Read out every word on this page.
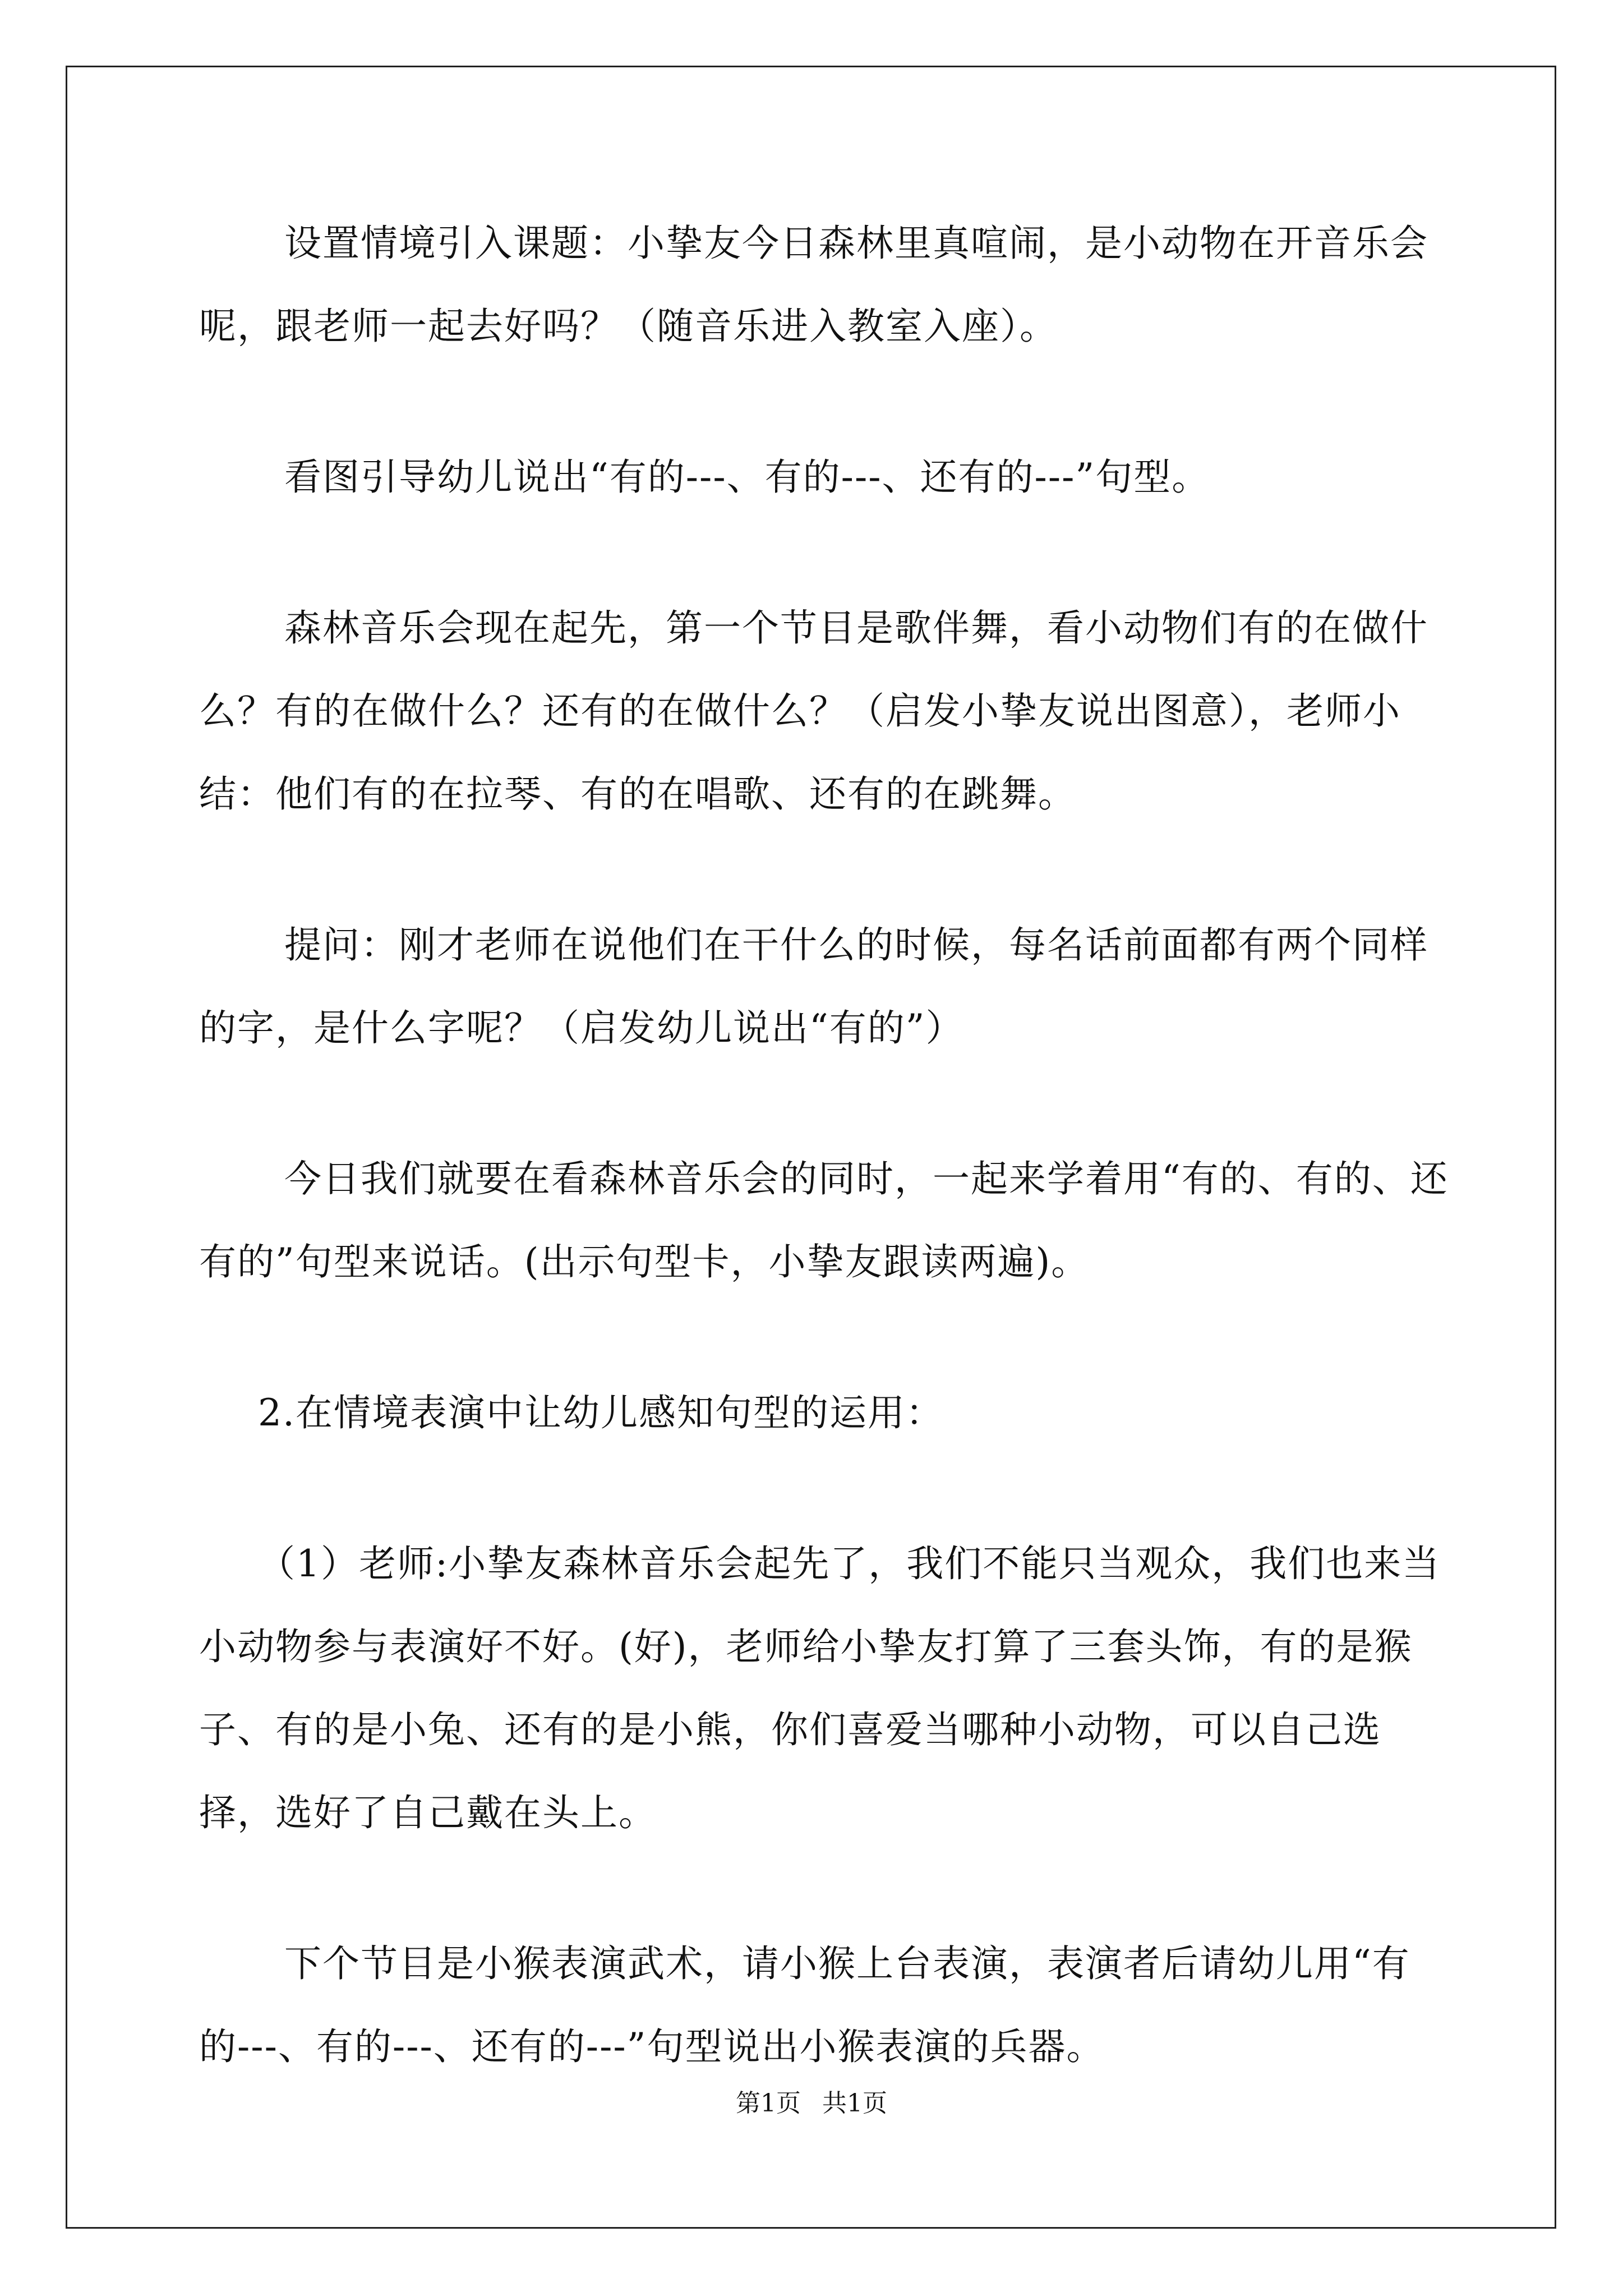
设置情境引入课题：小挚友今日森林里真喧闹，是小动物在开音乐会呢，跟老师一起去好吗？（随音乐进入教室入座）。

看图引导幼儿说出“有的---、有的---、还有的---”句型。

森林音乐会现在起先，第一个节目是歌伴舞，看小动物们有的在做什么？有的在做什么？还有的在做什么？（启发小挚友说出图意），老师小结：他们有的在拉琴、有的在唱歌、还有的在跳舞。

提问：刚才老师在说他们在干什么的时候，每名话前面都有两个同样的字，是什么字呢？（启发幼儿说出“有的”）

今日我们就要在看森林音乐会的同时，一起来学着用“有的、有的、还有的”句型来说话。(出示句型卡，小挚友跟读两遍)。

2.在情境表演中让幼儿感知句型的运用：

（1）老师:小挚友森林音乐会起先了，我们不能只当观众，我们也来当小动物参与表演好不好。(好)，老师给小挚友打算了三套头饰，有的是猴子、有的是小兔、还有的是小熊，你们喜爱当哪种小动物，可以自己选择，选好了自己戴在头上。

下个节目是小猴表演武术，请小猴上台表演，表演者后请幼儿用“有的---、有的---、还有的---”句型说出小猴表演的兵器。

第1页 共1页
